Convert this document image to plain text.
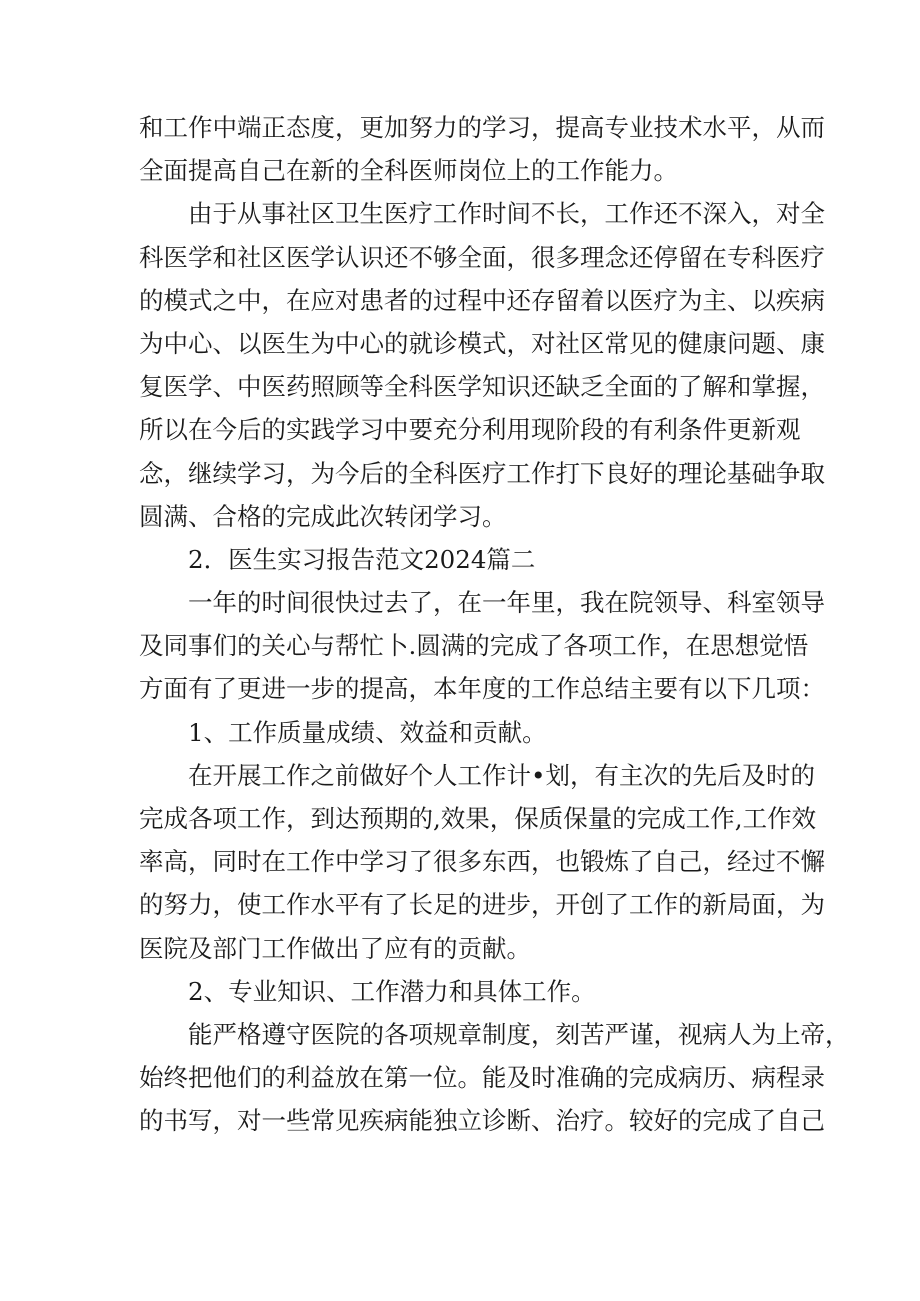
和工作中端正态度，更加努力的学习，提高专业技术水平，从而
全面提高自己在新的全科医师岗位上的工作能力。
由于从事社区卫生医疗工作时间不长，工作还不深入，对全
科医学和社区医学认识还不够全面，很多理念还停留在专科医疗
的模式之中，在应对患者的过程中还存留着以医疗为主、以疾病
为中心、以医生为中心的就诊模式，对社区常见的健康问题、康
复医学、中医药照顾等全科医学知识还缺乏全面的了解和掌握，
所以在今后的实践学习中要充分利用现阶段的有利条件更新观
念，继续学习，为今后的全科医疗工作打下良好的理论基础争取
圆满、合格的完成此次转闭学习。
2．医生实习报告范文2024篇二
一年的时间很快过去了，在一年里，我在院领导、科室领导
及同事们的关心与帮忙卜.圆满的完成了各项工作，在思想觉悟
方面有了更进一步的提高，本年度的工作总结主要有以下几项：
1、工作质量成绩、效益和贡献。
在开展工作之前做好个人工作计•划，有主次的先后及时的
完成各项工作，到达预期的,效果，保质保量的完成工作,工作效
率高，同时在工作中学习了很多东西，也锻炼了自己，经过不懈
的努力，使工作水平有了长足的进步，开创了工作的新局面，为
医院及部门工作做出了应有的贡献。
2、专业知识、工作潜力和具体工作。
能严格遵守医院的各项规章制度，刻苦严谨，视病人为上帝，
始终把他们的利益放在第一位。能及时准确的完成病历、病程录
的书写，对一些常见疾病能独立诊断、治疗。较好的完成了自己
